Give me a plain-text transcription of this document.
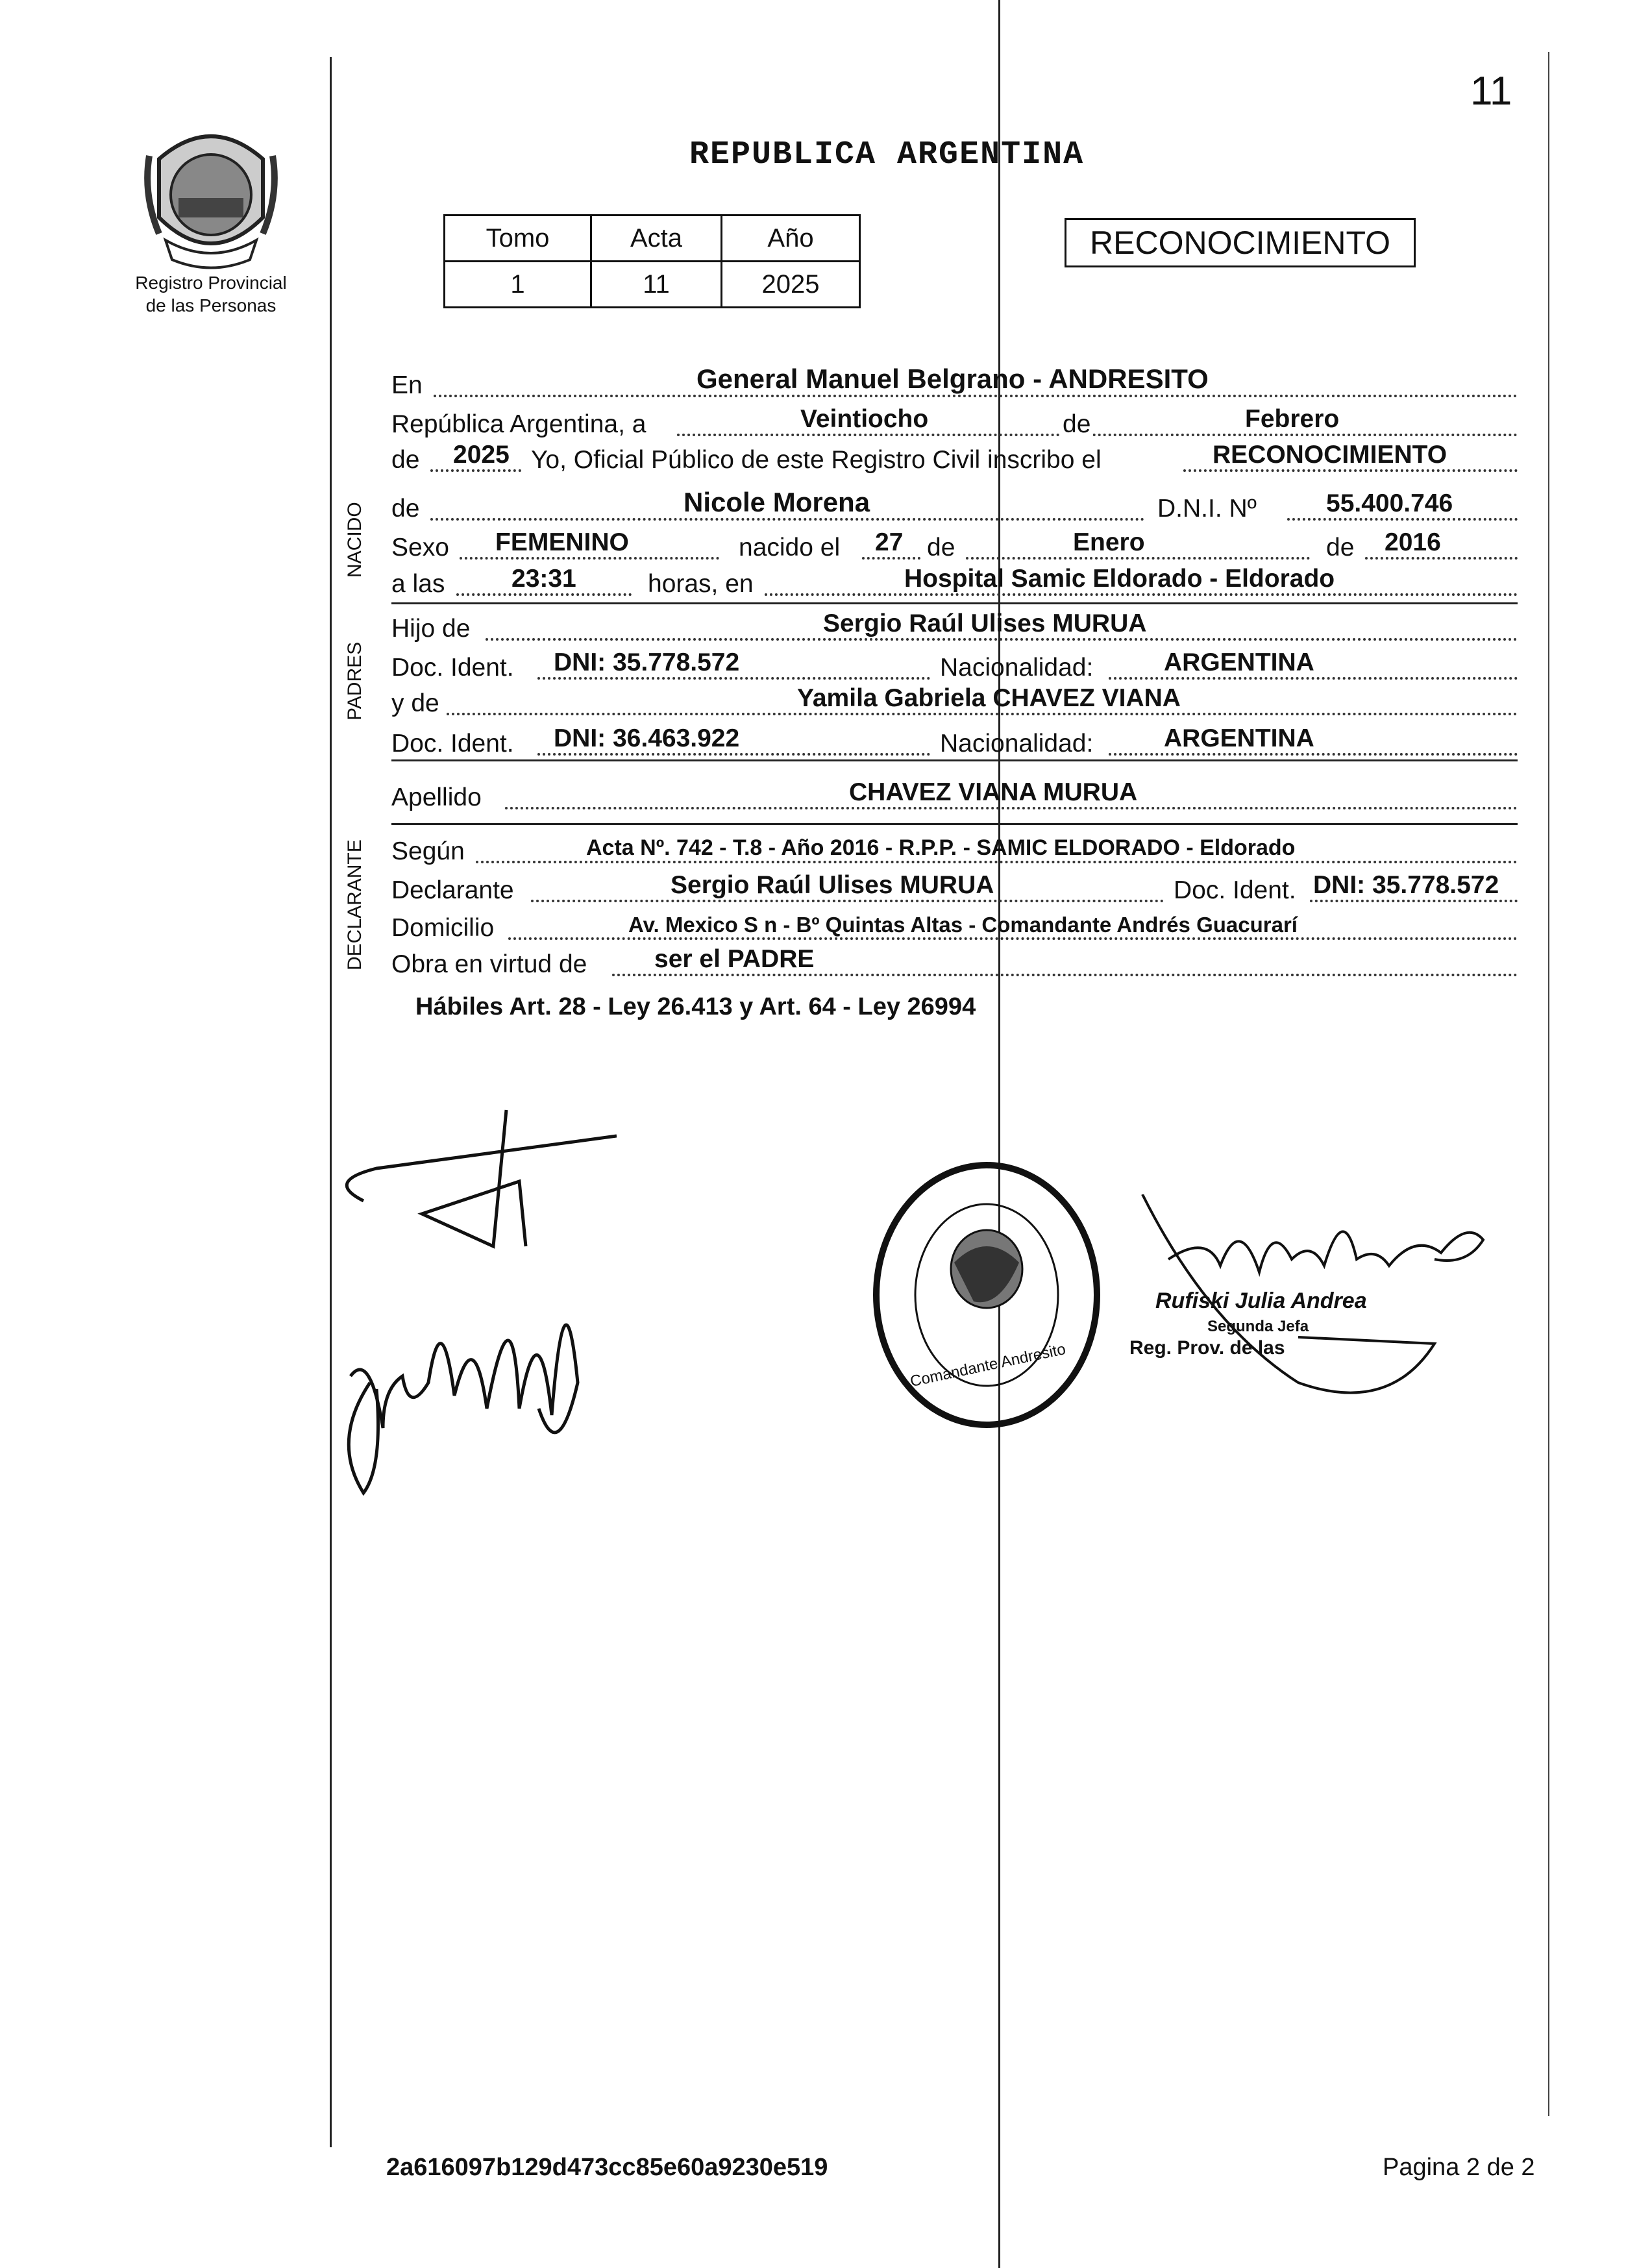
Registro Provincial
de las Personas
11
REPUBLICA ARGENTINA
Tomo	Acta	Año
1	11	2025
RECONOCIMIENTO
NACIDO
PADRES
DECLARANTE
En	General Manuel Belgrano - ANDRESITO
República Argentina, a	Veintiocho	de	Febrero
de 2025 Yo, Oficial Público de este Registro Civil inscribo el	RECONOCIMIENTO
de	Nicole Morena	D.N.I. Nº	55.400.746
Sexo FEMENINO	nacido el 27 de	Enero	de 2016
a las	23:31	horas, en	Hospital Samic Eldorado - Eldorado
Hijo de	Sergio Raúl Ulises MURUA
Doc. Ident. DNI: 35.778.572	Nacionalidad:	ARGENTINA
y de	Yamila Gabriela CHAVEZ VIANA
Doc. Ident. DNI: 36.463.922	Nacionalidad:	ARGENTINA
Apellido	CHAVEZ VIANA MURUA
Según	Acta Nº. 742 - T.8 - Año 2016 - R.P.P. - SAMIC ELDORADO - Eldorado
Declarante	Sergio Raúl Ulises MURUA	Doc. Ident. DNI: 35.778.572
Domicilio	Av. Mexico S n - Bº Quintas Altas - Comandante Andrés Guacurarí
Obra en virtud de	ser el PADRE
Hábiles Art. 28 - Ley 26.413 y Art. 64 - Ley 26994
Comandante Andresito
Rufiski Julia Andrea
Segunda Jefa
Reg. Prov. de las
2a616097b129d473cc85e60a9230e519	Pagina 2 de 2
